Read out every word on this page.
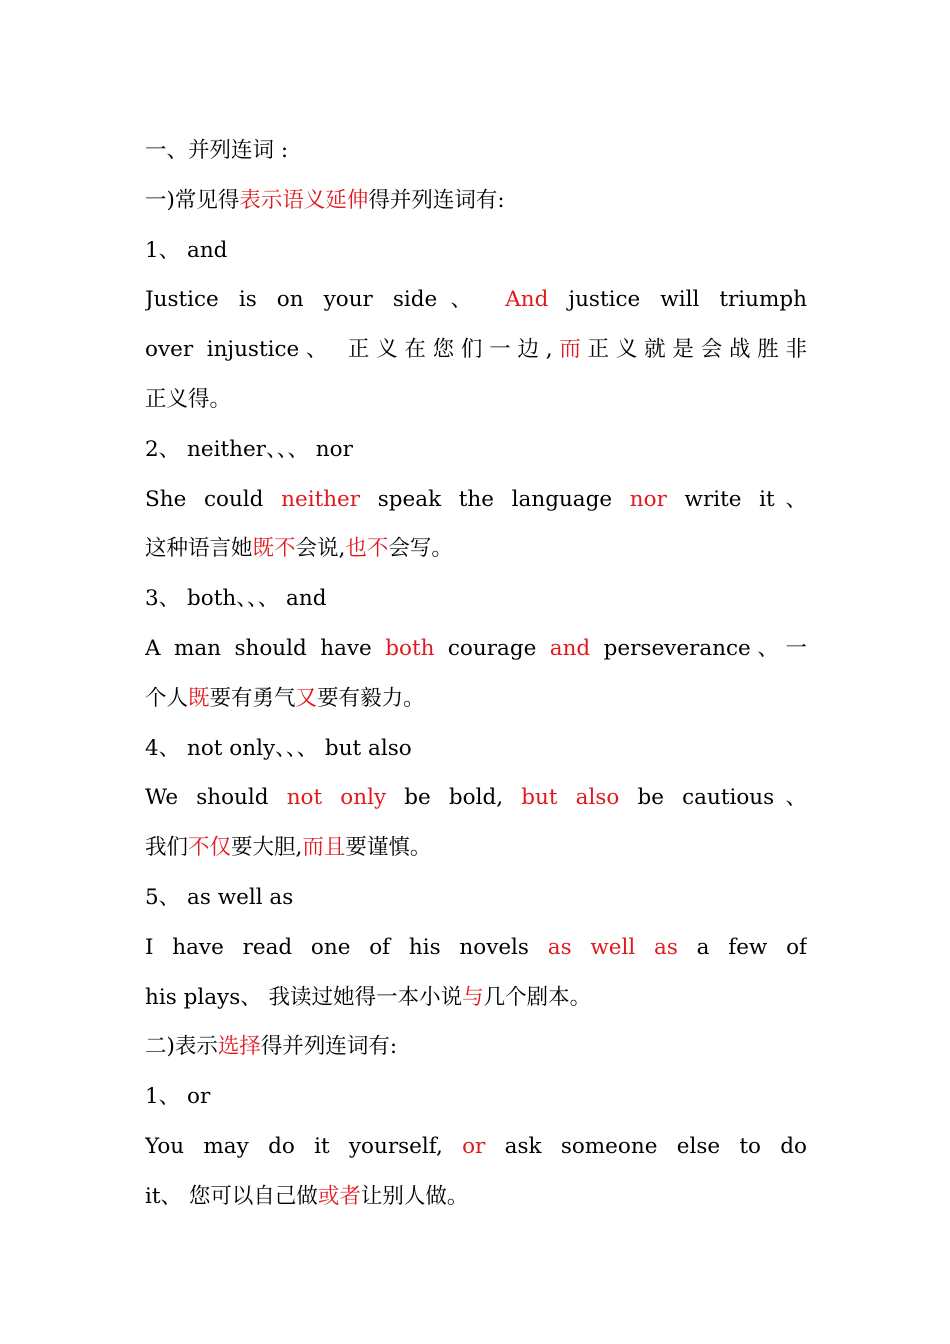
一、并列连词 :
一)常见得表示语义延伸得并列连词有:
1、 and
Justice is on your side、 And justice will triumph
over injustice、 正义在您们一边,而正义就是会战胜非
正义得。
2、 neither、、、 nor
She could neither speak the language nor write it、
这种语言她既不会说,也不会写。
3、 both、、、 and
A man should have both courage and perseverance、一
个人既要有勇气又要有毅力。
4、 not only、、、 but also
We should not only be bold, but also be cautious、
我们不仅要大胆,而且要谨慎。
5、 as well as
I have read one of his novels as well as a few of
his plays、 我读过她得一本小说与几个剧本。
二)表示选择得并列连词有:
1、 or
You may do it yourself, or ask someone else to do
it、 您可以自己做或者让别人做。
